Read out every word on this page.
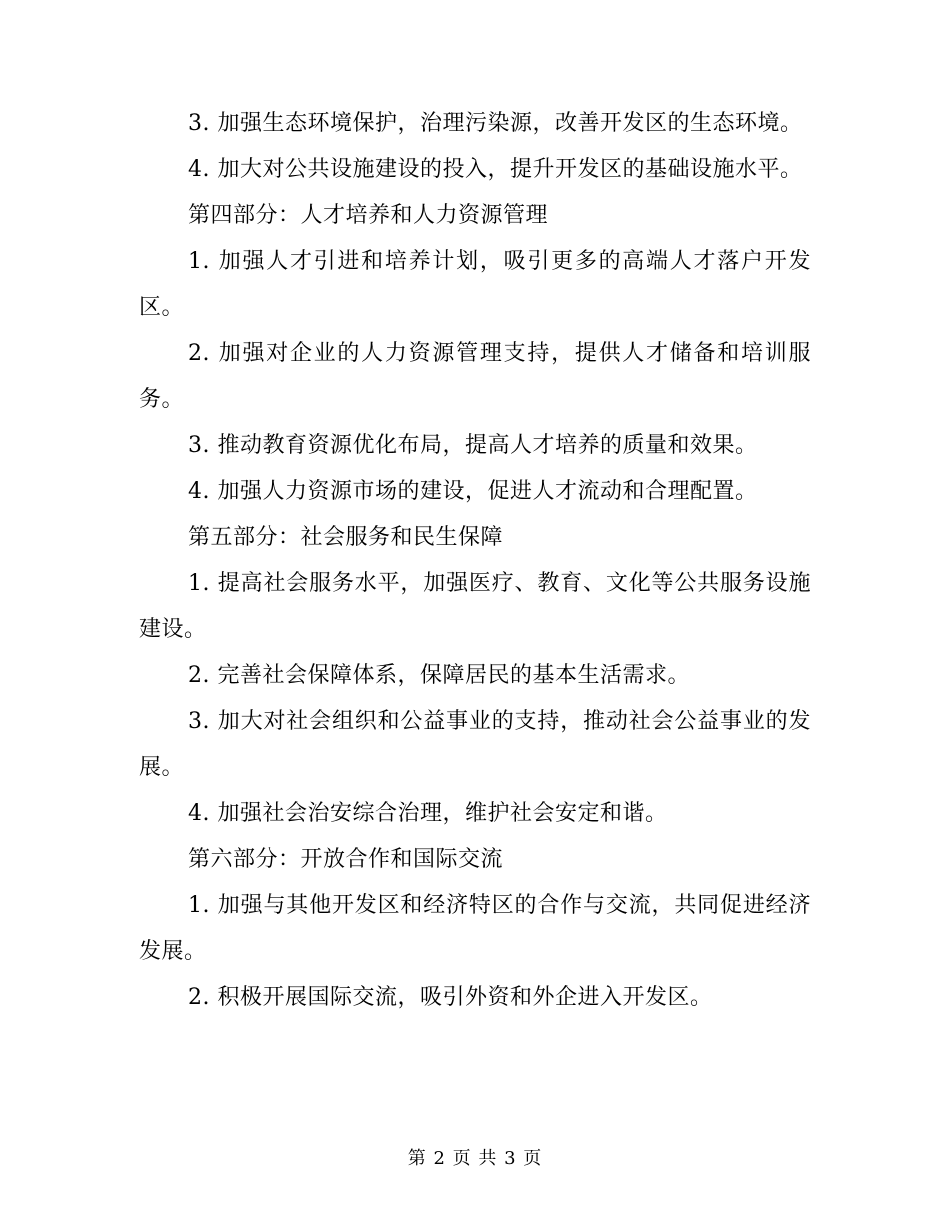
3. 加强生态环境保护，治理污染源，改善开发区的生态环境。

4. 加大对公共设施建设的投入，提升开发区的基础设施水平。

第四部分：人才培养和人力资源管理

1. 加强人才引进和培养计划，吸引更多的高端人才落户开发区。

2. 加强对企业的人力资源管理支持，提供人才储备和培训服务。

3. 推动教育资源优化布局，提高人才培养的质量和效果。

4. 加强人力资源市场的建设，促进人才流动和合理配置。

第五部分：社会服务和民生保障

1. 提高社会服务水平，加强医疗、教育、文化等公共服务设施建设。

2. 完善社会保障体系，保障居民的基本生活需求。

3. 加大对社会组织和公益事业的支持，推动社会公益事业的发展。

4. 加强社会治安综合治理，维护社会安定和谐。

第六部分：开放合作和国际交流

1. 加强与其他开发区和经济特区的合作与交流，共同促进经济发展。

2. 积极开展国际交流，吸引外资和外企进入开发区。

第 2 页 共 3 页
